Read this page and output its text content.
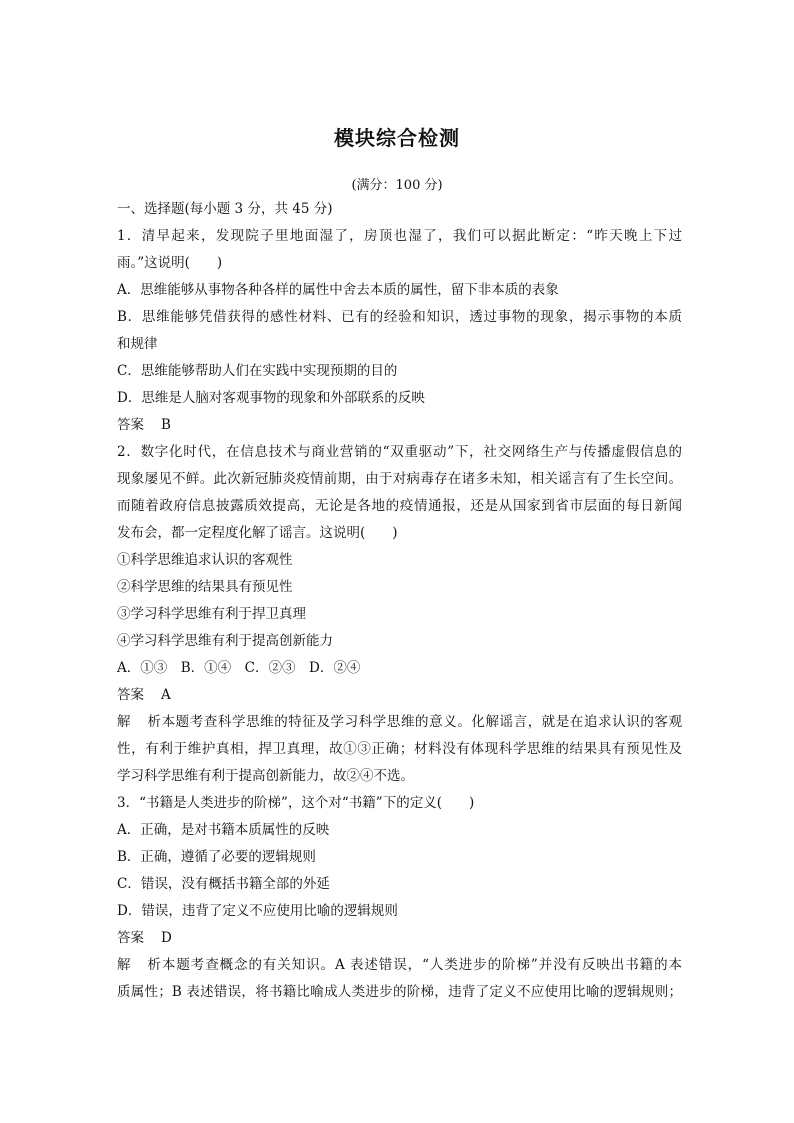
模块综合检测
(满分：100 分)
一、选择题(每小题 3 分，共 45 分)
1．清早起来，发现院子里地面湿了，房顶也湿了，我们可以据此断定：“昨天晚上下过
雨。”这说明(　　)
A．思维能够从事物各种各样的属性中舍去本质的属性，留下非本质的表象
B．思维能够凭借获得的感性材料、已有的经验和知识，透过事物的现象，揭示事物的本质
和规律
C．思维能够帮助人们在实践中实现预期的目的
D．思维是人脑对客观事物的现象和外部联系的反映
答案 B
2．数字化时代，在信息技术与商业营销的“双重驱动”下，社交网络生产与传播虚假信息的
现象屡见不鲜。此次新冠肺炎疫情前期，由于对病毒存在诸多未知，相关谣言有了生长空间。
而随着政府信息披露质效提高，无论是各地的疫情通报，还是从国家到省市层面的每日新闻
发布会，都一定程度化解了谣言。这说明(　　)
①科学思维追求认识的客观性
②科学思维的结果具有预见性
③学习科学思维有利于捍卫真理
④学习科学思维有利于提高创新能力
A．①③　B．①④　C．②③　D．②④
答案 A
解析本题考查科学思维的特征及学习科学思维的意义。化解谣言，就是在追求认识的客观
性，有利于维护真相，捍卫真理，故①③正确；材料没有体现科学思维的结果具有预见性及
学习科学思维有利于提高创新能力，故②④不选。
3．“书籍是人类进步的阶梯”，这个对“书籍”下的定义(　　)
A．正确，是对书籍本质属性的反映
B．正确，遵循了必要的逻辑规则
C．错误，没有概括书籍全部的外延
D．错误，违背了定义不应使用比喻的逻辑规则
答案 D
解析本题考查概念的有关知识。A 表述错误，“人类进步的阶梯”并没有反映出书籍的本
质属性；B 表述错误，将书籍比喻成人类进步的阶梯，违背了定义不应使用比喻的逻辑规则；
